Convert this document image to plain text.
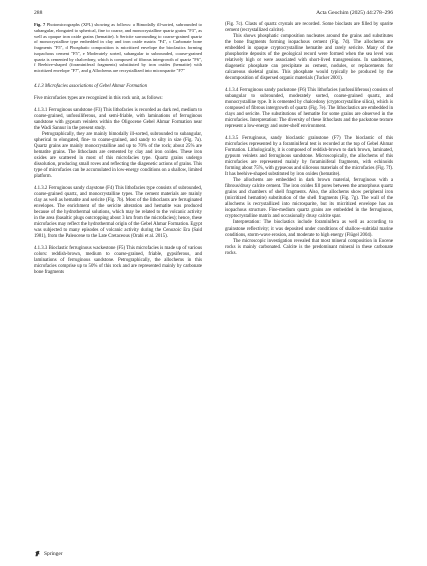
288	Acta Geochim (2025) 44:278–296

Fig. 7 Photomicrographs (XPL) showing as follows: a Bimodally ill-sorted, subrounded to subangular, elongated to spherical, fine to coarse, and monocrystalline quartz grains "F3", as well as opaque iron oxide grains (hematite). b Sericite surrounding to coarse-grained quartz of monocrystalline type embedded in clay and iron oxide matrix "F4", c Carbonate bone fragments "F5", d Phosphatic composition is micritized envelope the bioclastics forming isopachous cement "F5", e Moderately sorted, subangular to subrounded, coarse-grained quartz is cemented by chalcedony, which is composed of fibrous intergrowth of quartz "F6", f Beehive-shaped (foraminiferal fragments) substituted by iron oxides (hematite) with micritized envelope "F7", and g Allochems are recrystallized into microsparite "F7"

4.1.3 Microfacies associations of Gebel Ahmar Formation

Five microfacies types are recognized in this rock unit, as follows:

4.1.3.1 Ferruginous sandstone (F3) This lithofacies is recorded as dark red, medium to coarse-grained, unfossiliferous, and semi-friable, with laminations of ferruginous sandstone with gypsum veinlets within the Oligocene Gebel Ahmar Formation near the Wadi Sannur in the present study.

Petrographically, they are mainly bimodally ill-sorted, subrounded to subangular, spherical to elongated, fine- to coarse-grained, and sandy to silty in size (Fig. 7a). Quartz grains are mainly monocrystalline and up to 70% of the rock; about 25% are hematite grains. The lithoclasts are cemented by clay and iron oxides. These iron oxides are scattered in most of this microfacies type. Quartz grains undergo dissolution, producing small roves and reflecting the diagenetic actions of grains. This type of microfacies can be accumulated in low-energy conditions on a shallow, limited platform.

4.1.3.2 Ferruginous sandy claystone (F4) This lithofacies type consists of subrounded, coarse-grained quartz, and monocrystalline types. The cement materials are mainly clay as well as hematite and sericite (Fig. 7b). Most of the lithoclasts are ferruginated envelopes. The enrichment of the sericite alteration and hematite was produced because of the hydrothermal solutions, which may be related to the volcanic activity in the area (basaltic plugs outcropping about 3 km from the microfacies); hence, these microfacies may reflect the hydrothermal origin of the Gebel Ahmar Formation. Egypt was subjected to many episodes of volcanic activity during the Cenozoic Era (Said 1981), from the Paleocene to the Late Cretaceous (Orabi et al. 2015).

4.1.3.3 Bioclastic ferruginous wackestone (F5) This microfacies is made up of various colors: reddish-brown, medium to coarse-grained, friable, gypsiferous, and laminations of ferruginous sandstone. Petrographically, the allochems in this microfacies comprise up to 50% of this rock and are represented mainly by carbonate bone fragments

(Fig. 7c). Clasts of quartz crystals are recorded. Some bioclasts are filled by sparite cement (recrystallized calcite).

This shows phosphatic composition nucleates around the grains and substitutes the bone fragments forming isopachous cement (Fig. 7d). The allochems are embedded in opaque cryptocrystalline hematite and rarely sericite. Many of the phosphorite deposits of the geological record were formed when the sea level was relatively high or were associated with short-lived transgressions. In sandstones, diagenetic phosphate can precipitate as cement, nodules, or replacements for calcareous skeletal grains. This phosphate would typically be produced by the decomposition of dispersed organic materials (Tucker 2001).

4.1.3.4 Ferruginous sandy packstone (F6) This lithofacies (unfossiliferous) consists of subangular to subrounded, moderately sorted, coarse-grained quartz, and monocrystalline type. It is cemented by chalcedony (cryptocrystalline silica), which is composed of fibrous intergrowth of quartz (Fig. 7e). The lithoclastics are embedded in clays and sericite. The substitutions of hematite for some grains are observed in the microfacies. Interpretation: The diversity of these lithoclasts and the packstone texture represent a low-energy and outer-shelf environment.

4.1.3.5 Ferruginous, sandy bioclastic grainstone (F7) The bioclastic of this microfacies represented by a foraminiferal test is recorded at the top of Gebel Ahmar Formation. Lithologically, it is composed of reddish-brown to dark brown, laminated, gypsum veinlets and ferruginous sandstone. Microscopically, the allochems of this microfacies are represented mainly by foraminiferal fragments, with echinoids forming about 75%, with gypseous and siliceous materials of the microfacies (Fig. 7f). It has beehive-shaped substituted by iron oxides (hematite).

The allochems are embedded in dark brown material, ferruginous with a fibrous/drusy calcite cement. The iron oxides fill pores between the amorphous quartz grains and chambers of shell fragments. Also, the allochems show peripheral iron (micritized hematite) substitution of the shell fragments (Fig. 7g). The wall of the allochems is recrystallized into microsparite, but its micritized envelope has an isopachous structure. Fine-medium quartz grains are embedded in the ferruginous, cryptocrystalline matrix and occasionally drusy calcite spar.

Interpretation: The bioclastics include foraminifera as well as according to grainstone reflectivity; it was deposited under conditions of shallow–subtidal marine conditions, storm-wave erosion, and moderate to high energy (Flügel 2004).

The microscopic investigation revealed that most mineral composition in Eocene rocks is mainly carbonated. Calcite is the predominant mineral in these carbonate rocks.

Springer
